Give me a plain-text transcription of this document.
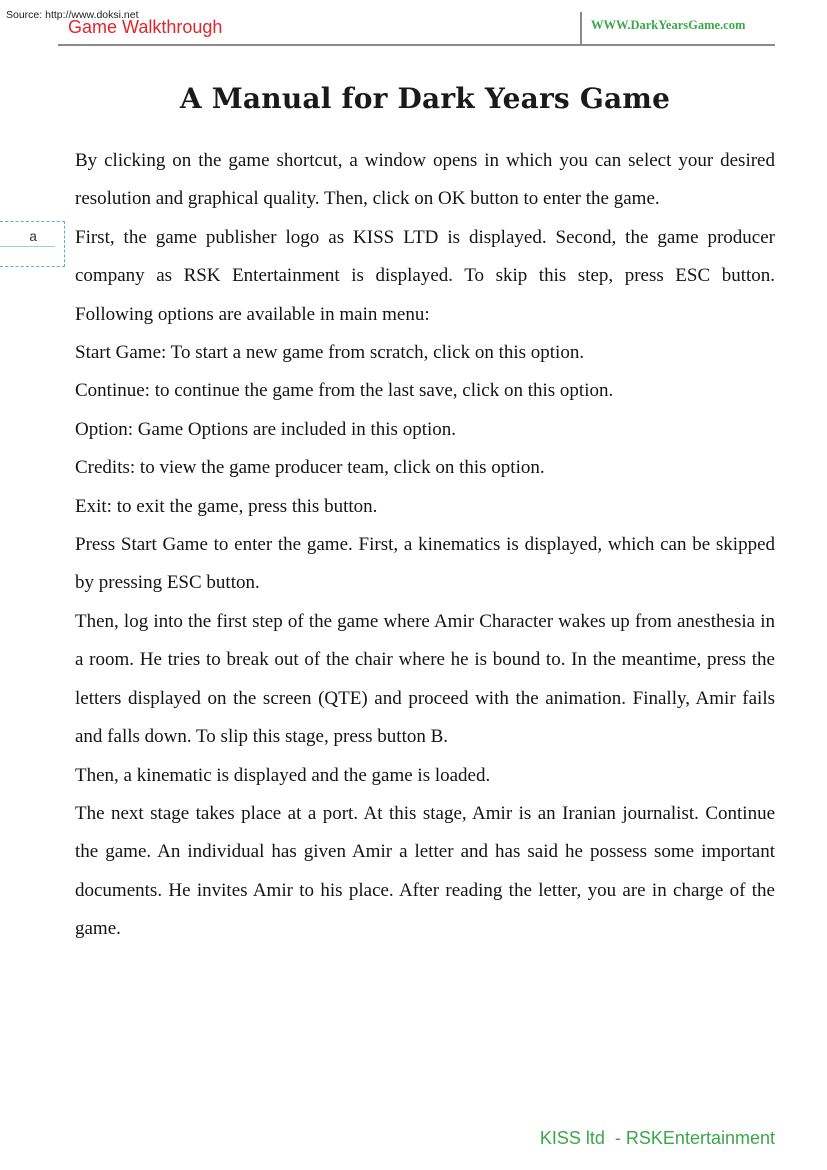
Source: http://www.doksi.net
Game Walkthrough	WWW.DarkYearsGame.com
A Manual for Dark Years Game
a

By clicking on the game shortcut, a window opens in which you can select your desired resolution and graphical quality. Then, click on OK button to enter the game.

First, the game publisher logo as KISS LTD is displayed. Second, the game producer company as RSK Entertainment is displayed. To skip this step, press ESC button. Following options are available in main menu:

Start Game: To start a new game from scratch, click on this option.

Continue: to continue the game from the last save, click on this option.

Option: Game Options are included in this option.

Credits: to view the game producer team, click on this option.

Exit: to exit the game, press this button.

Press Start Game to enter the game. First, a kinematics is displayed, which can be skipped by pressing ESC button.

Then, log into the first step of the game where Amir Character wakes up from anesthesia in a room. He tries to break out of the chair where he is bound to. In the meantime, press the letters displayed on the screen (QTE) and proceed with the animation. Finally, Amir fails and falls down. To slip this stage, press button B.

Then, a kinematic is displayed and the game is loaded.

The next stage takes place at a port. At this stage, Amir is an Iranian journalist. Continue the game. An individual has given Amir a letter and has said he possess some important documents. He invites Amir to his place. After reading the letter, you are in charge of the game.

KISS ltd  - RSKEntertainment
